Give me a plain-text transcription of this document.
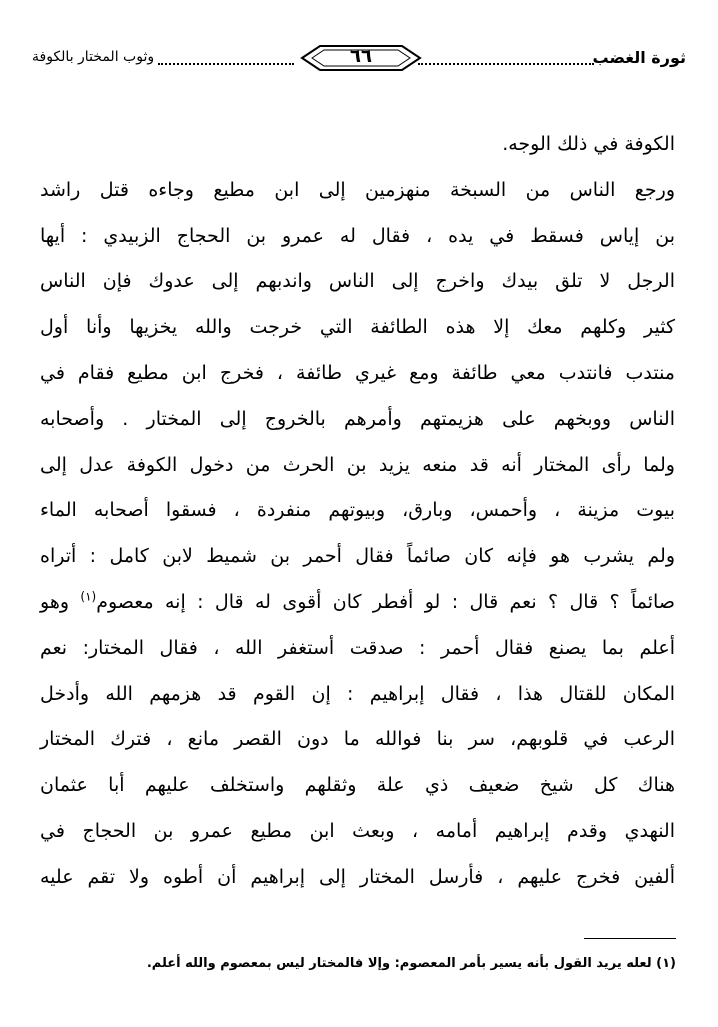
ثورة الغضب
٦٦
وثوب المختار بالكوفة
الكوفة في ذلك الوجه.
ورجع الناس من السبخة منهزمين إلى ابن مطيع وجاءه قتل راشد
بن إياس فسقط في يده ، فقال له عمرو بن الحجاج الزبيدي : أيها
الرجل لا تلق بيدك واخرج إلى الناس واندبهم إلى عدوك فإن الناس
كثير وكلهم معك إلا هذه الطائفة التي خرجت والله يخزيها وأنا أول
منتدب فانتدب معي طائفة ومع غيري طائفة ، فخرج ابن مطيع فقام في
الناس ووبخهم على هزيمتهم وأمرهم بالخروج إلى المختار . وأصحابه
ولما رأى المختار أنه قد منعه يزيد بن الحرث من دخول الكوفة عدل إلى
بيوت مزينة ، وأحمس، وبارق، وبيوتهم منفردة ، فسقوا أصحابه الماء
ولم يشرب هو فإنه كان صائماً فقال أحمر بن شميط لابن كامل : أتراه
صائماً ؟ قال ؟ نعم قال : لو أفطر كان أقوى له قال : إنه معصوم$^{(١)}$ وهو
أعلم بما يصنع فقال أحمر : صدقت أستغفر الله ، فقال المختار: نعم
المكان للقتال هذا ، فقال إبراهيم : إن القوم قد هزمهم الله وأدخل
الرعب في قلوبهم، سر بنا فوالله ما دون القصر مانع ، فترك المختار
هناك كل شيخ ضعيف ذي علة وثقلهم واستخلف عليهم أبا عثمان
النهدي وقدم إبراهيم أمامه ، وبعث ابن مطيع عمرو بن الحجاج في
ألفين فخرج عليهم ، فأرسل المختار إلى إبراهيم أن أطوه ولا تقم عليه
(١) لعله يريد القول بأنه يسير بأمر المعصوم: وإلا فالمختار ليس بمعصوم والله أعلم.
